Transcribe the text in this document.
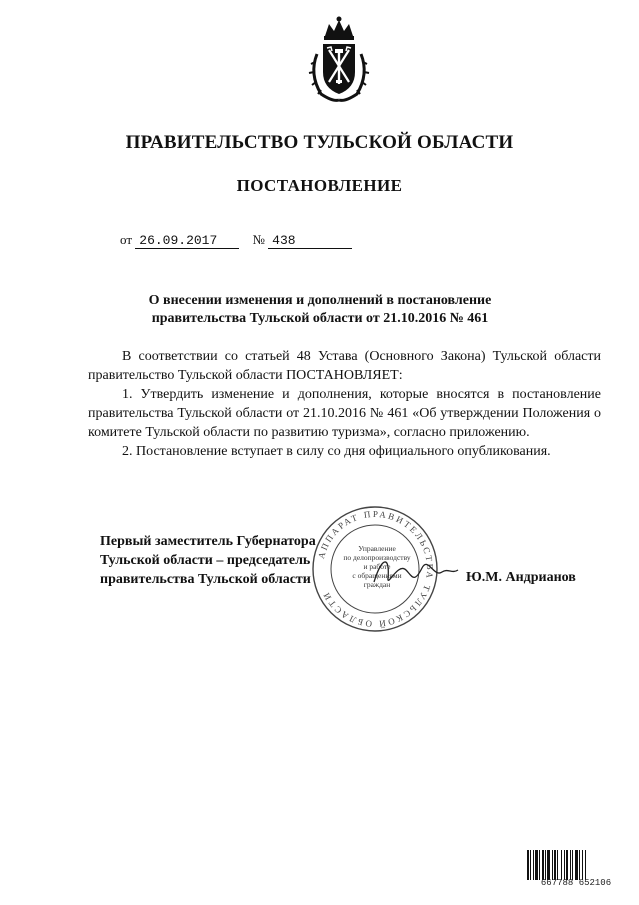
ПРАВИТЕЛЬСТВО ТУЛЬСКОЙ ОБЛАСТИ
ПОСТАНОВЛЕНИЕ
от 26.09.2017	№ 438
О внесении изменения и дополнений в постановление
правительства Тульской области от 21.10.2016 № 461

В соответствии со статьей 48 Устава (Основного Закона) Тульской области правительство Тульской области ПОСТАНОВЛЯЕТ:

1. Утвердить изменение и дополнения, которые вносятся в постановление правительства Тульской области от 21.10.2016 № 461 «Об утверждении Положения о комитете Тульской области по развитию туризма», согласно приложению.

2. Постановление вступает в силу со дня официального опубликования.

Первый заместитель Губернатора
Тульской области – председатель
правительства Тульской области
АППАРАТ ПРАВИТЕЛЬСТВА ТУЛЬСКОЙ ОБЛАСТИ
Управление
по делопроизводству
и работе
с обращениями
граждан	Ю.М. Андрианов
667788 652106
